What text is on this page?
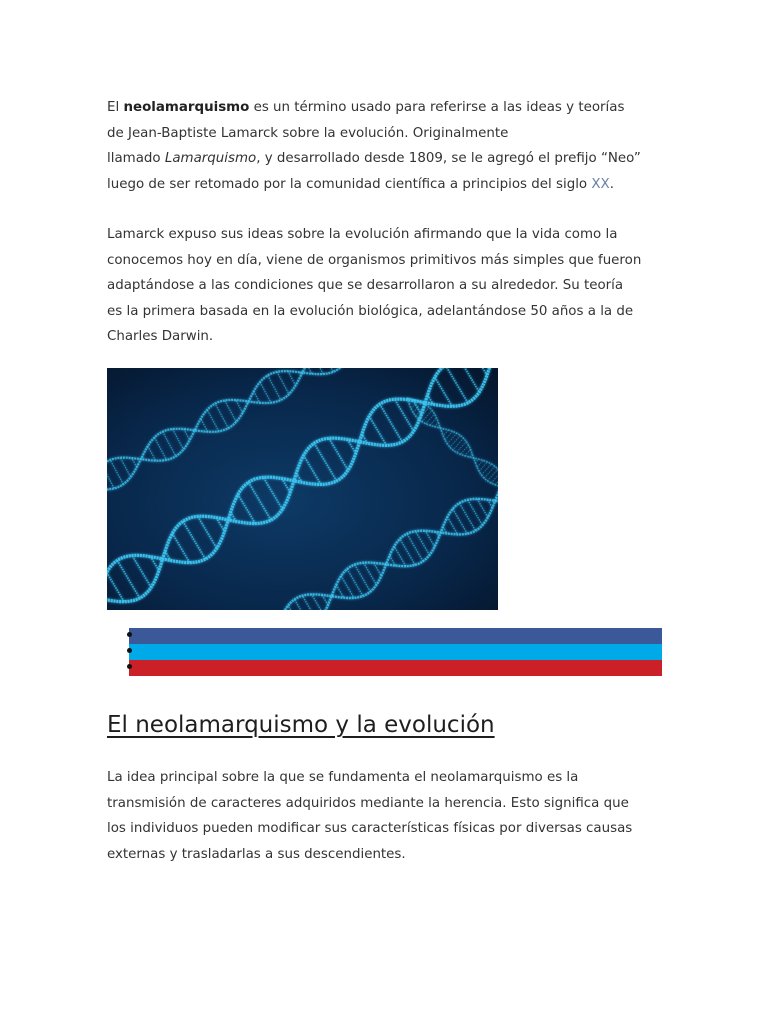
El neolamarquismo es un término usado para referirse a las ideas y teorías
de Jean-Baptiste Lamarck sobre la evolución. Originalmente
llamado Lamarquismo, y desarrollado desde 1809, se le agregó el prefijo “Neo”
luego de ser retomado por la comunidad científica a principios del siglo XX.

Lamarck expuso sus ideas sobre la evolución afirmando que la vida como la
conocemos hoy en día, viene de organismos primitivos más simples que fueron
adaptándose a las condiciones que se desarrollaron a su alrededor. Su teoría
es la primera basada en la evolución biológica, adelantándose 50 años a la de
Charles Darwin.

El neolamarquismo y la evolución

La idea principal sobre la que se fundamenta el neolamarquismo es la
transmisión de caracteres adquiridos mediante la herencia. Esto significa que
los individuos pueden modificar sus características físicas por diversas causas
externas y trasladarlas a sus descendientes.
